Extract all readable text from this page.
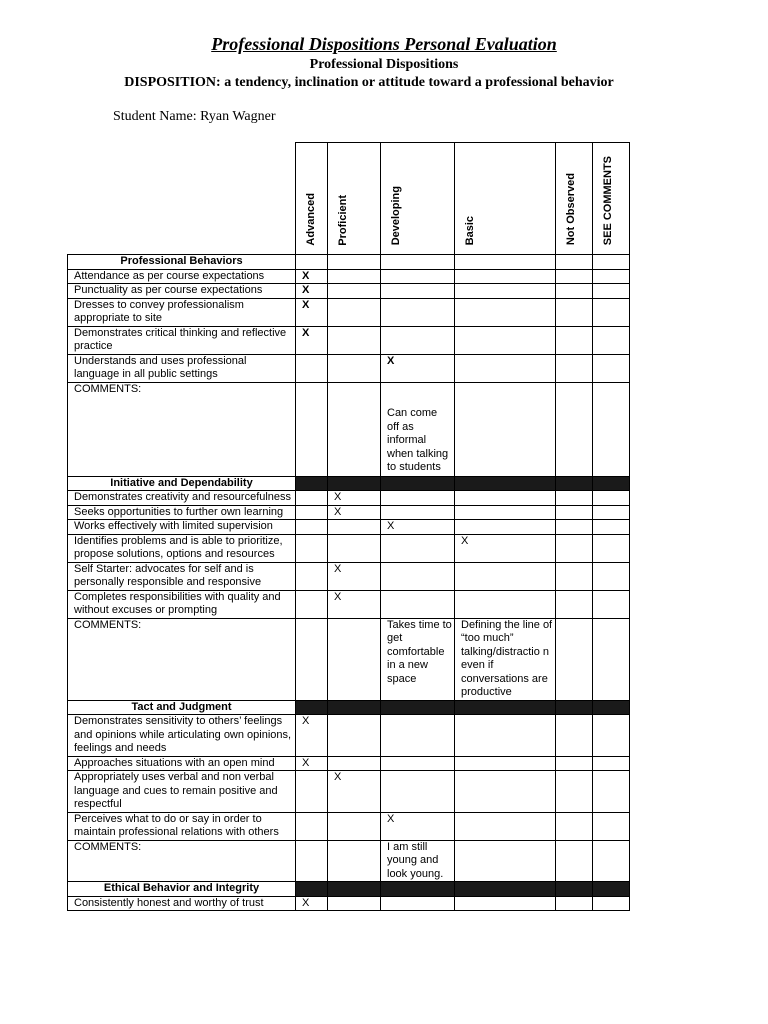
Professional Dispositions Personal Evaluation
Professional Dispositions
DISPOSITION: a tendency, inclination or attitude toward a professional behavior
Student Name: Ryan Wagner
	Advanced	Proficient	Developing	Basic	Not Observed	SEE COMMENTS
Professional Behaviors						
Attendance as per course expectations	X					
Punctuality as per course expectations	X					
Dresses to convey professionalism appropriate to site	X					
Demonstrates critical thinking and reflective practice	X					
Understands and uses professional language in all public settings			X			
COMMENTS:			Can come off as informal when talking to students			

Initiative and Dependability						
Demonstrates creativity and resourcefulness		X				
Seeks opportunities to further own learning		X				
Works effectively with limited supervision			X			
Identifies problems and is able to prioritize, propose solutions, options and resources				X		
Self Starter: advocates for self and is personally responsible and responsive		X				
Completes responsibilities with quality and without excuses or prompting		X				
COMMENTS:			Takes time to get comfortable in a new space	Defining the line of “too much” talking/distractio n even if conversations are productive		

Tact and Judgment						
Demonstrates sensitivity to others’ feelings and opinions while articulating own opinions, feelings and needs	X					
Approaches situations with an open mind	X					
Appropriately uses verbal and non verbal language and cues to remain positive and respectful		X				
Perceives what to do or say in order to maintain professional relations with others			X			
COMMENTS:			I am still young and look young.			

Ethical Behavior and Integrity						
Consistently honest and worthy of trust	X					
